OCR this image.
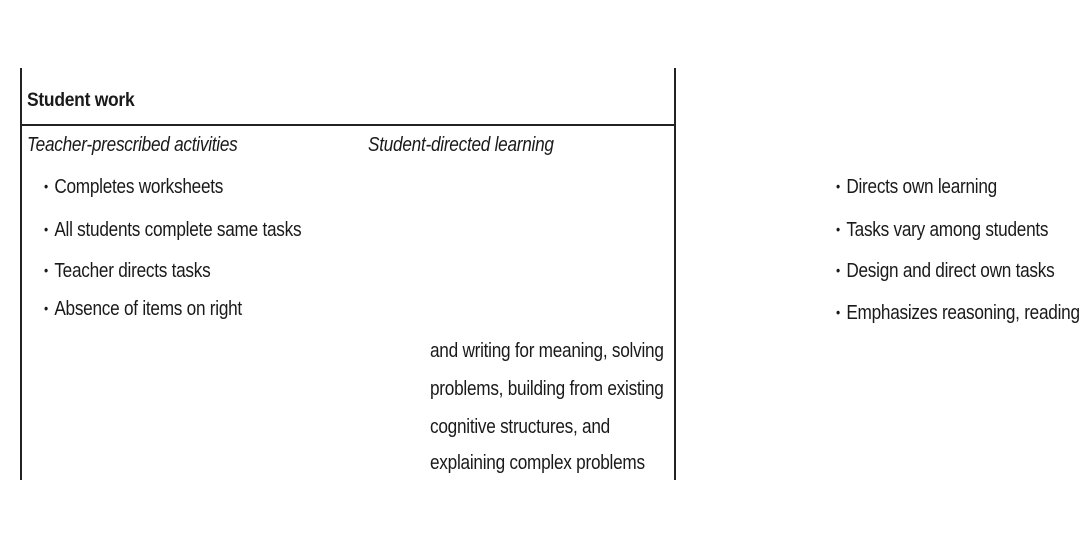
Student work
Teacher-prescribed activities	Student-directed learning
• Completes worksheets
• All students complete same tasks
• Teacher directs tasks
• Absence of items on right
• Directs own learning
• Tasks vary among students
• Design and direct own tasks
• Emphasizes reasoning, reading
and writing for meaning, solving
problems, building from existing
cognitive structures, and
explaining complex problems
